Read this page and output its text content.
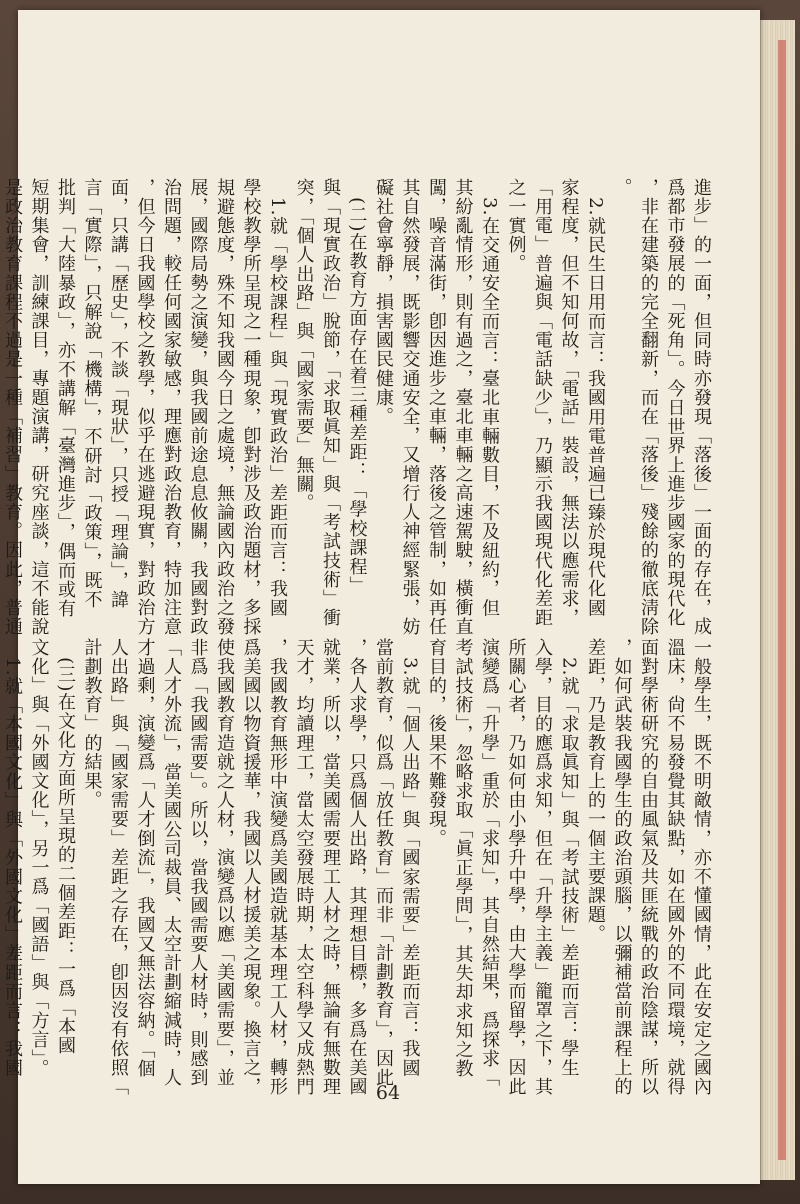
進步」的一面，但同時亦發現「落後」一面的存在，成
爲都市發展的「死角」。今日世界上進步國家的現代化
，非在建築的完全翻新，而在「落後」殘餘的徹底淸除
。
　2.就民生日用而言：我國用電普遍已臻於現代化國
家程度，但不知何故，「電話」裝設，無法以應需求，
「用電」普遍與「電話缺少」，乃顯示我國現代化差距
之一實例。
　3.在交通安全而言：臺北車輛數目，不及紐約，但
其紛亂情形，則有過之，臺北車輛之高速駕駛，橫衝直
闖，噪音滿街，卽因進步之車輛，落後之管制，如再任
其自然發展，既影響交通安全，又增行人神經緊張，妨
礙社會寧靜，損害國民健康。
　(二)在教育方面存在着三種差距：「學校課程」
與「現實政治」脫節，「求取眞知」與「考試技術」衝
突，「個人出路」與「國家需要」無關。
　1.就「學校課程」與「現實政治」差距而言：我國
學校教學所呈現之一種現象，卽對涉及政治題材，多採
規避態度，殊不知我國今日之處境，無論國內政治之發
展，國際局勢之演變，與我國前途息息攸關，我國對政
治問題，較任何國家敏感，理應對政治教育，特加注意
，但今日我國學校之教學，似乎在逃避現實，對政治方
面，只講「歷史」，不談「現狀」，只授「理論」，諱
言「實際」，只解說「機構」，不研討「政策」，既不
批判「大陸暴政」，亦不講解「臺灣進步」，偶而或有
短期集會，訓練課目，專題演講，研究座談，這不能說
是政治教育課程不過是一種「補習」教育。因此，普通
一般學生，既不明敵情，亦不懂國情，此在安定之國內
溫床，尙不易發覺其缺點，如在國外的不同環境，就得
面對學術研究的自由風氣及共匪統戰的政治陰謀，所以
，如何武裝我國學生的政治頭腦，以彌補當前課程上的
差距，乃是教育上的一個主要課題。
　2.就「求取眞知」與「考試技術」差距而言：學生
入學，目的應爲求知，但在「升學主義」籠罩之下，其
所關心者，乃如何由小學升中學，由大學而留學，因此
演變爲「升學」重於「求知」，其自然結果，爲探求「
考試技術」，忽略求取「眞正學問」，其失却求知之教
育目的，後果不難發現。
　3.就「個人出路」與「國家需要」差距而言：我國
當前教育，似爲「放任教育」而非「計劃教育」，因此
，各人求學，只爲個人出路，其理想目標，多爲在美國
就業，所以，當美國需要理工人材之時，無論有無數理
天才，均讀理工，當太空發展時期，太空科學又成熱門
，我國教育無形中演變爲美國造就基本理工人材，轉形
爲美國以物資援華，我國以人材援美之現象。換言之，
使我國教育造就之人材，演變爲以應「美國需要」，並
非爲「我國需要」。所以，當我國需要人材時，則感到
「人才外流」，當美國公司裁員、太空計劃縮減時，人
才過剩，演變爲「人才倒流」，我國又無法容納。「個
人出路」與「國家需要」差距之存在，卽因沒有依照「
計劃教育」的結果。
　(三)在文化方面所呈現的二個差距：一爲「本國
文化」與「外國文化」，另一爲「國語」與「方言」。
　1.就「本國文化」與「外國文化」差距而言：我國
64
